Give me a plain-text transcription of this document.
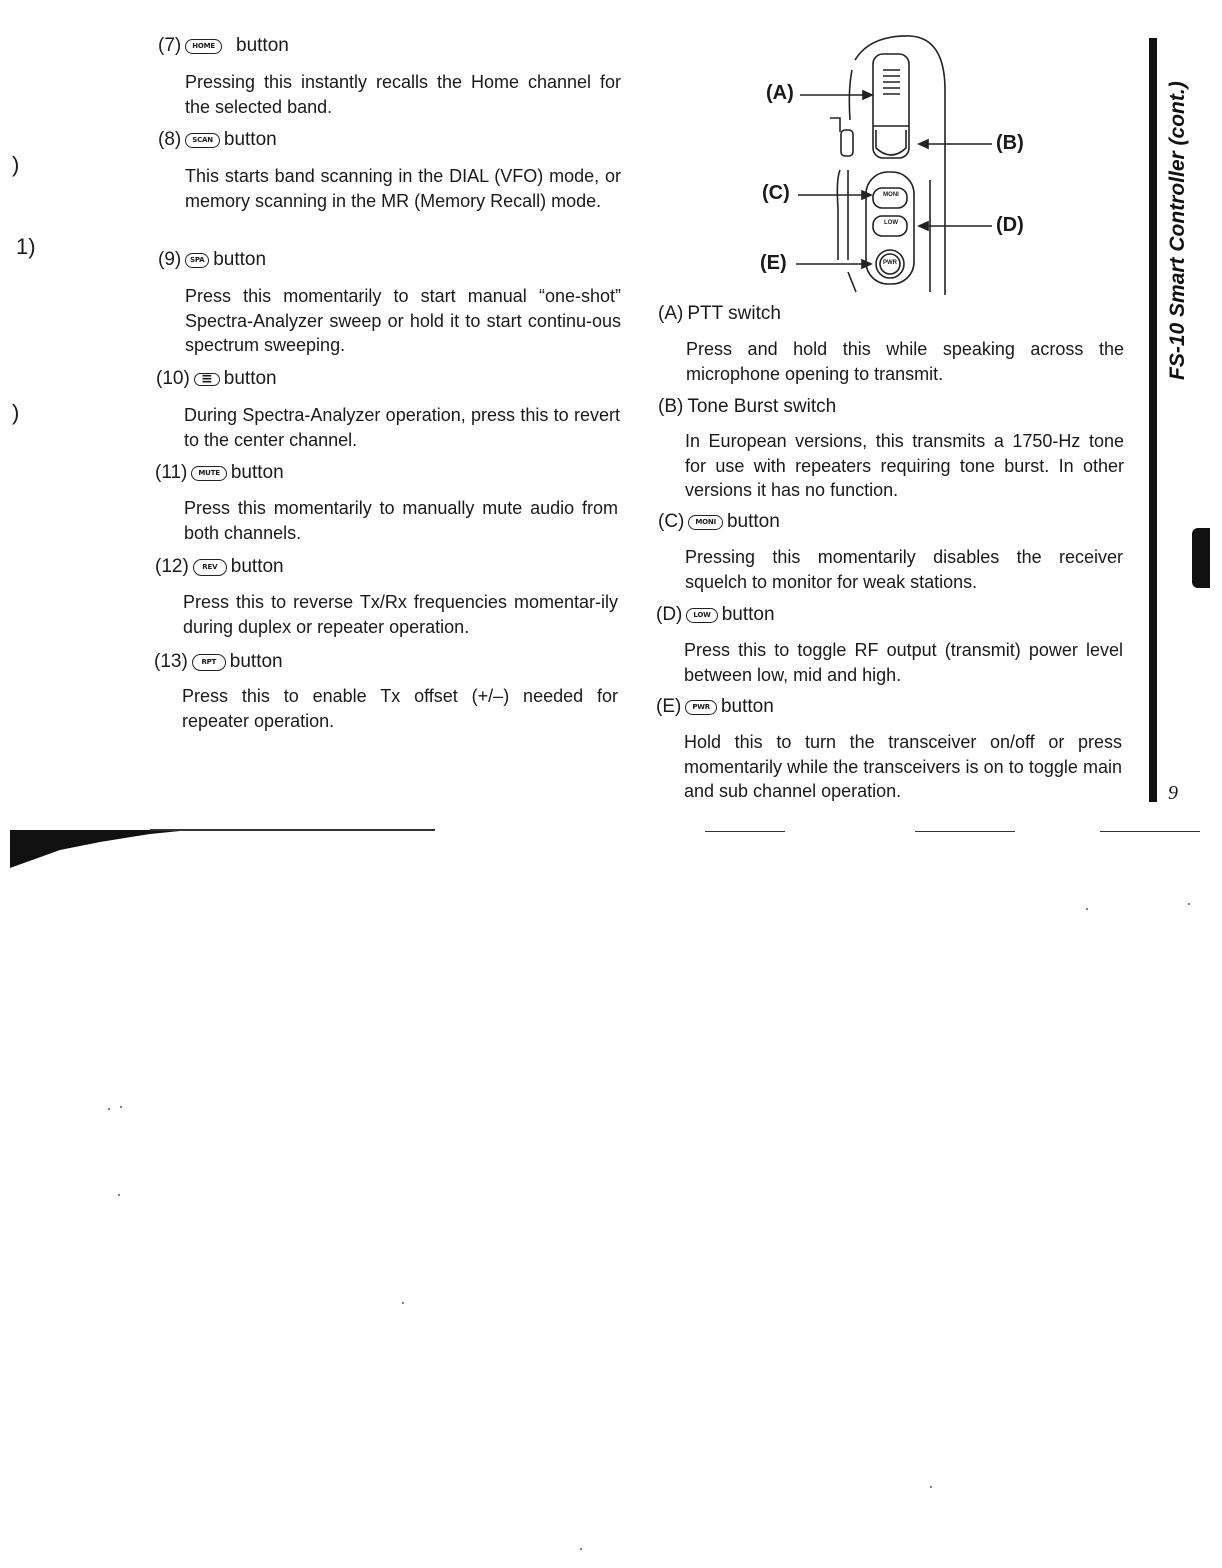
)
1)
)
(7)	HOME	button
Pressing this instantly recalls the Home channel for the selected band.
(8)	SCAN button
This starts band scanning in the DIAL (VFO) mode, or memory scanning in the MR (Memory Recall) mode.
(9)	SPA button
Press this momentarily to start manual “one-shot” Spectra-Analyzer sweep or hold it to start continu-ous spectrum sweeping.
(10) ≡ button
During Spectra-Analyzer operation, press this to revert to the center channel.
(11)	MUTE button
Press this momentarily to manually mute audio from both channels.
(12)	REV button
Press this to reverse Tx/Rx frequencies momentar-ily during duplex or repeater operation.
(13)	RPT button
Press this to enable Tx offset (+/–) needed for repeater operation.
MONI
LOW
PWR
(A)
(B)
(C)
(D)
(E)
(A) PTT switch
Press and hold this while speaking across the microphone opening to transmit.
(B) Tone Burst switch
In European versions, this transmits a 1750-Hz tone for use with repeaters requiring tone burst. In other versions it has no function.
(C)	MONI button
Pressing this momentarily disables the receiver squelch to monitor for weak stations.
(D)	LOW button
Press this to toggle RF output (transmit) power level between low, mid and high.
(E)	PWR button
Hold this to turn the transceiver on/off or press momentarily while the transceivers is on to toggle main and sub channel operation.
FS-10 Smart Controller (cont.)
9
